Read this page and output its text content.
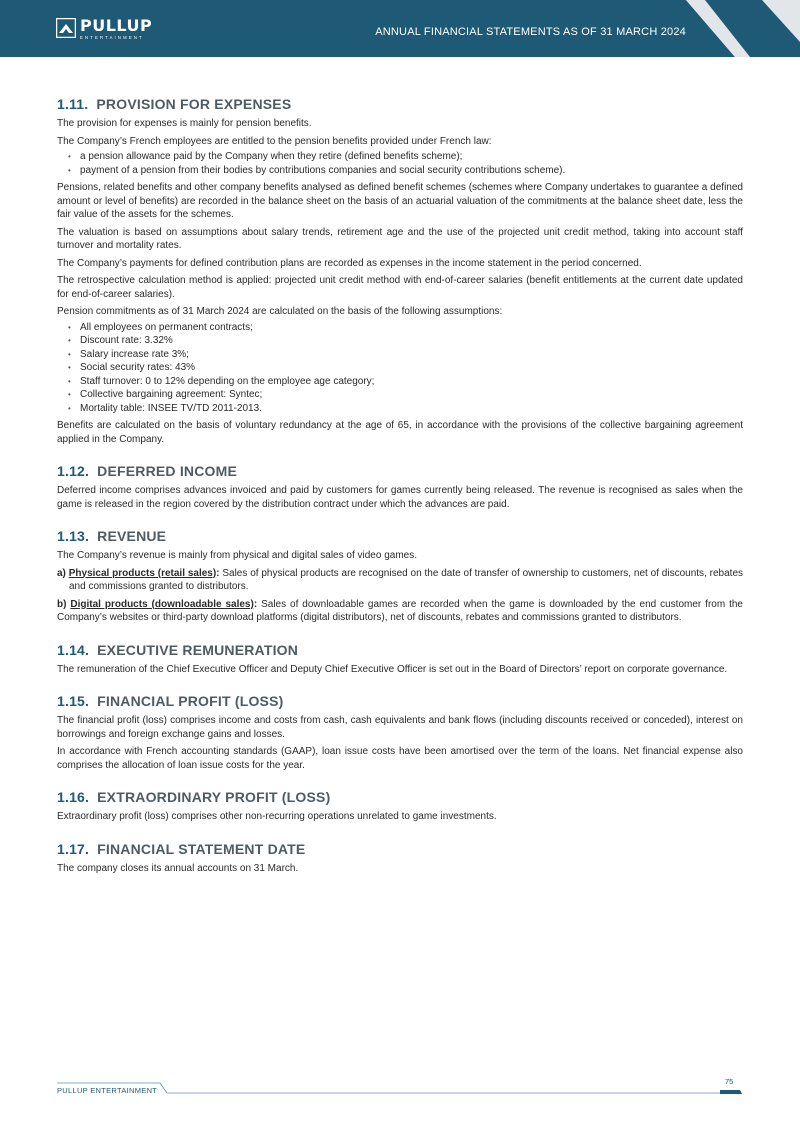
PULLUP
ENTERTAINMENT	ANNUAL FINANCIAL STATEMENTS AS OF 31 MARCH 2024	8
1.11. PROVISION FOR EXPENSES

The provision for expenses is mainly for pension benefits.

The Company’s French employees are entitled to the pension benefits provided under French law:

• a pension allowance paid by the Company when they retire (defined benefits scheme);
• payment of a pension from their bodies by contributions companies and social security contributions scheme).

Pensions, related benefits and other company benefits analysed as defined benefit schemes (schemes where Company undertakes to guarantee a defined amount or level of benefits) are recorded in the balance sheet on the basis of an actuarial valuation of the commitments at the balance sheet date, less the fair value of the assets for the schemes.

The valuation is based on assumptions about salary trends, retirement age and the use of the projected unit credit method, taking into account staff turnover and mortality rates.

The Company’s payments for defined contribution plans are recorded as expenses in the income statement in the period concerned.

The retrospective calculation method is applied: projected unit credit method with end-of-career salaries (benefit entitlements at the current date updated for end-of-career salaries).

Pension commitments as of 31 March 2024 are calculated on the basis of the following assumptions:

• All employees on permanent contracts;
• Discount rate: 3.32%
• Salary increase rate 3%;
• Social security rates: 43%
• Staff turnover: 0 to 12% depending on the employee age category;
• Collective bargaining agreement: Syntec;
• Mortality table: INSEE TV/TD 2011-2013.

Benefits are calculated on the basis of voluntary redundancy at the age of 65, in accordance with the provisions of the collective bargaining agreement applied in the Company.

1.12. DEFERRED INCOME

Deferred income comprises advances invoiced and paid by customers for games currently being released. The revenue is recognised as sales when the game is released in the region covered by the distribution contract under which the advances are paid.

1.13. REVENUE

The Company’s revenue is mainly from physical and digital sales of video games.

a) Physical products (retail sales): Sales of physical products are recognised on the date of transfer of ownership to customers, net of discounts, rebates and commissions granted to distributors.

b) Digital products (downloadable sales): Sales of downloadable games are recorded when the game is downloaded by the end customer from the Company’s websites or third-party download platforms (digital distributors), net of discounts, rebates and commissions granted to distributors.

1.14. EXECUTIVE REMUNERATION

The remuneration of the Chief Executive Officer and Deputy Chief Executive Officer is set out in the Board of Directors’ report on corporate governance.

1.15. FINANCIAL PROFIT (LOSS)

The financial profit (loss) comprises income and costs from cash, cash equivalents and bank flows (including discounts received or conceded), interest on borrowings and foreign exchange gains and losses.

In accordance with French accounting standards (GAAP), loan issue costs have been amortised over the term of the loans. Net financial expense also comprises the allocation of loan issue costs for the year.

1.16. EXTRAORDINARY PROFIT (LOSS)

Extraordinary profit (loss) comprises other non-recurring operations unrelated to game investments.

1.17. FINANCIAL STATEMENT DATE

The company closes its annual accounts on 31 March.

PULLUP ENTERTAINMENT
75
